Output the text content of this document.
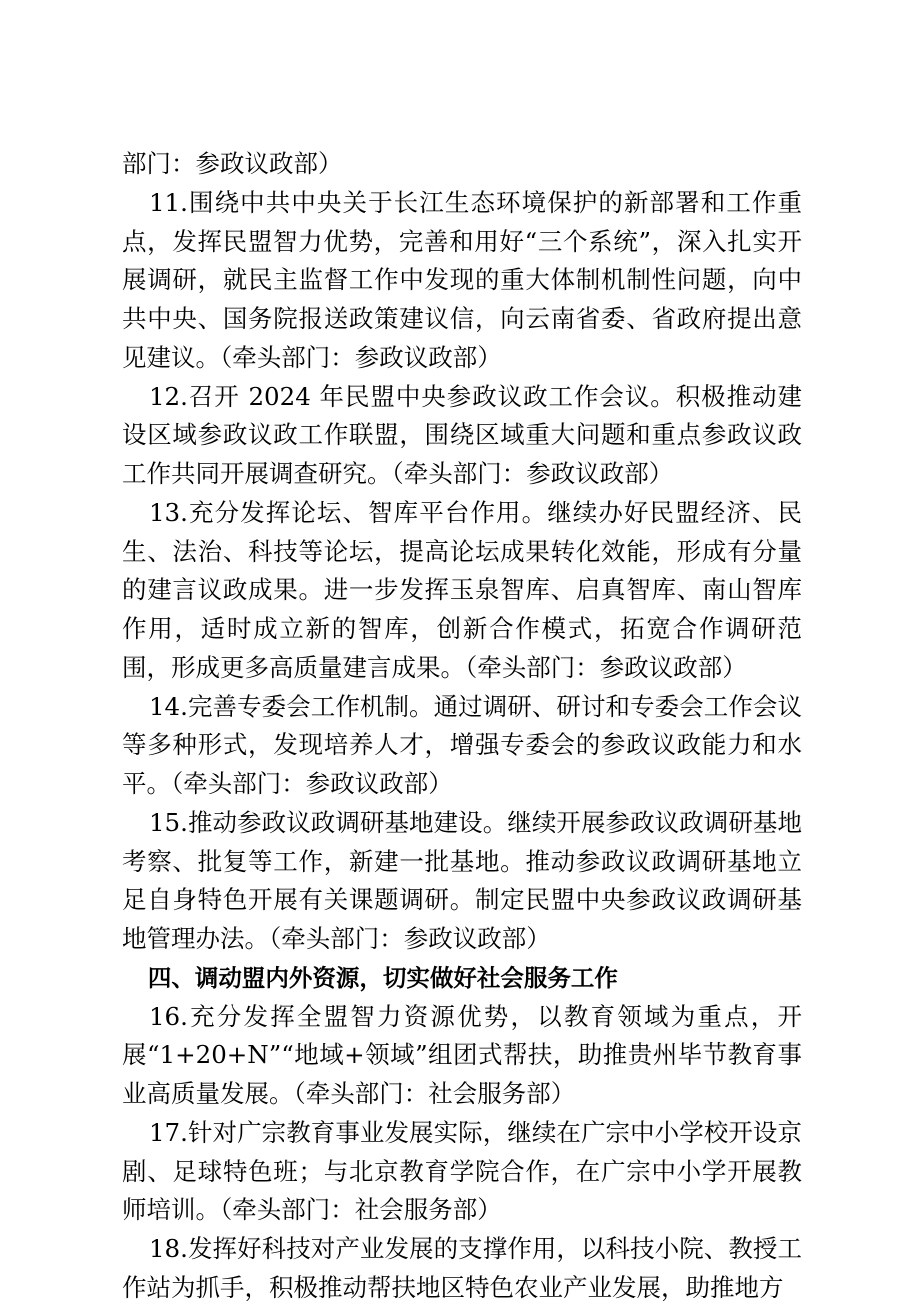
部门：参政议政部）

11.围绕中共中央关于长江生态环境保护的新部署和工作重点，发挥民盟智力优势，完善和用好“三个系统”，深入扎实开展调研，就民主监督工作中发现的重大体制机制性问题，向中共中央、国务院报送政策建议信，向云南省委、省政府提出意见建议。（牵头部门：参政议政部）

12.召开 2024 年民盟中央参政议政工作会议。积极推动建设区域参政议政工作联盟，围绕区域重大问题和重点参政议政工作共同开展调查研究。（牵头部门：参政议政部）

13.充分发挥论坛、智库平台作用。继续办好民盟经济、民生、法治、科技等论坛，提高论坛成果转化效能，形成有分量的建言议政成果。进一步发挥玉泉智库、启真智库、南山智库作用，适时成立新的智库，创新合作模式，拓宽合作调研范围，形成更多高质量建言成果。（牵头部门：参政议政部）

14.完善专委会工作机制。通过调研、研讨和专委会工作会议等多种形式，发现培养人才，增强专委会的参政议政能力和水平。（牵头部门：参政议政部）

15.推动参政议政调研基地建设。继续开展参政议政调研基地考察、批复等工作，新建一批基地。推动参政议政调研基地立足自身特色开展有关课题调研。制定民盟中央参政议政调研基地管理办法。（牵头部门：参政议政部）

四、调动盟内外资源，切实做好社会服务工作

16.充分发挥全盟智力资源优势，以教育领域为重点，开展“1+20+N”“地域+领域”组团式帮扶，助推贵州毕节教育事业高质量发展。（牵头部门：社会服务部）

17.针对广宗教育事业发展实际，继续在广宗中小学校开设京剧、足球特色班；与北京教育学院合作，在广宗中小学开展教师培训。（牵头部门：社会服务部）

18.发挥好科技对产业发展的支撑作用，以科技小院、教授工作站为抓手，积极推动帮扶地区特色农业产业发展，助推地方
